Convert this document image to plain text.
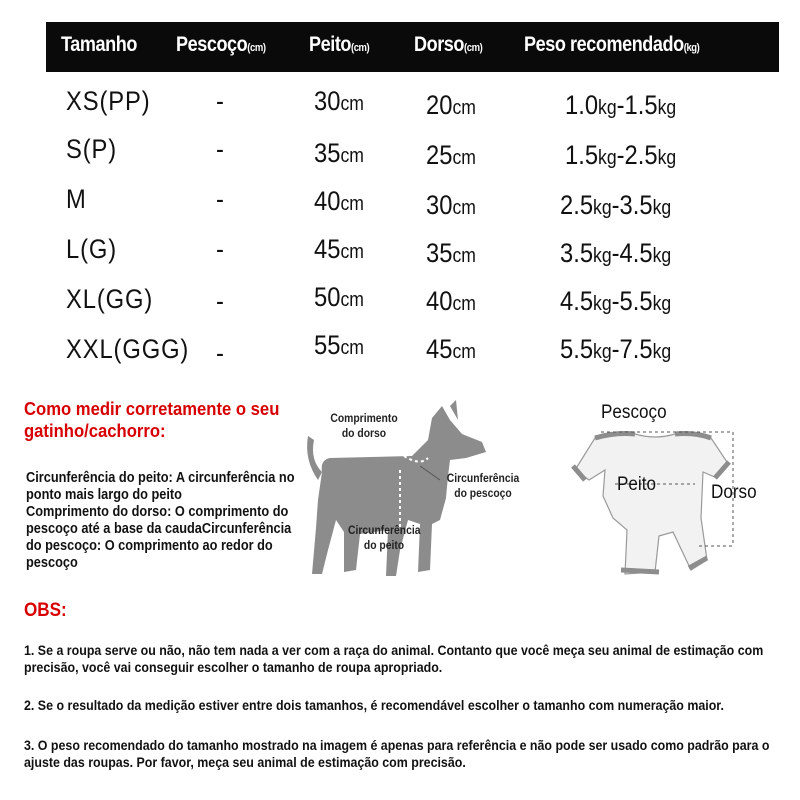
Tamanho Pescoço(cm) Peito(cm) Dorso(cm) Peso recomendado(kg)
XS(PP) -	30cm 20cm	1.0kg-1.5kg
S(P)	-	35cm 25cm	1.5kg-2.5kg
M	-	40cm 30cm	2.5kg-3.5kg
L(G)	-	45cm 35cm	3.5kg-4.5kg
XL(GG) -	50cm 40cm	4.5kg-5.5kg
XXL(GGG) -	55cm 45cm	5.5kg-7.5kg
Como medir corretamente o seu gatinho/cachorro:
Circunferência do peito: A circunferência no ponto mais largo do peito
Comprimento do dorso: O comprimento do pescoço até a base da caudaCircunferência do pescoço: O comprimento ao redor do pescoço
Comprimento do dorso
Circunferência do pescoço
Circunferência do peito
Pescoço
Peito	Dorso
OBS:
1. Se a roupa serve ou não, não tem nada a ver com a raça do animal. Contanto que você meça seu animal de estimação com precisão, você vai conseguir escolher o tamanho de roupa apropriado.
2. Se o resultado da medição estiver entre dois tamanhos, é recomendável escolher o tamanho com numeração maior.
3. O peso recomendado do tamanho mostrado na imagem é apenas para referência e não pode ser usado como padrão para o ajuste das roupas. Por favor, meça seu animal de estimação com precisão.
